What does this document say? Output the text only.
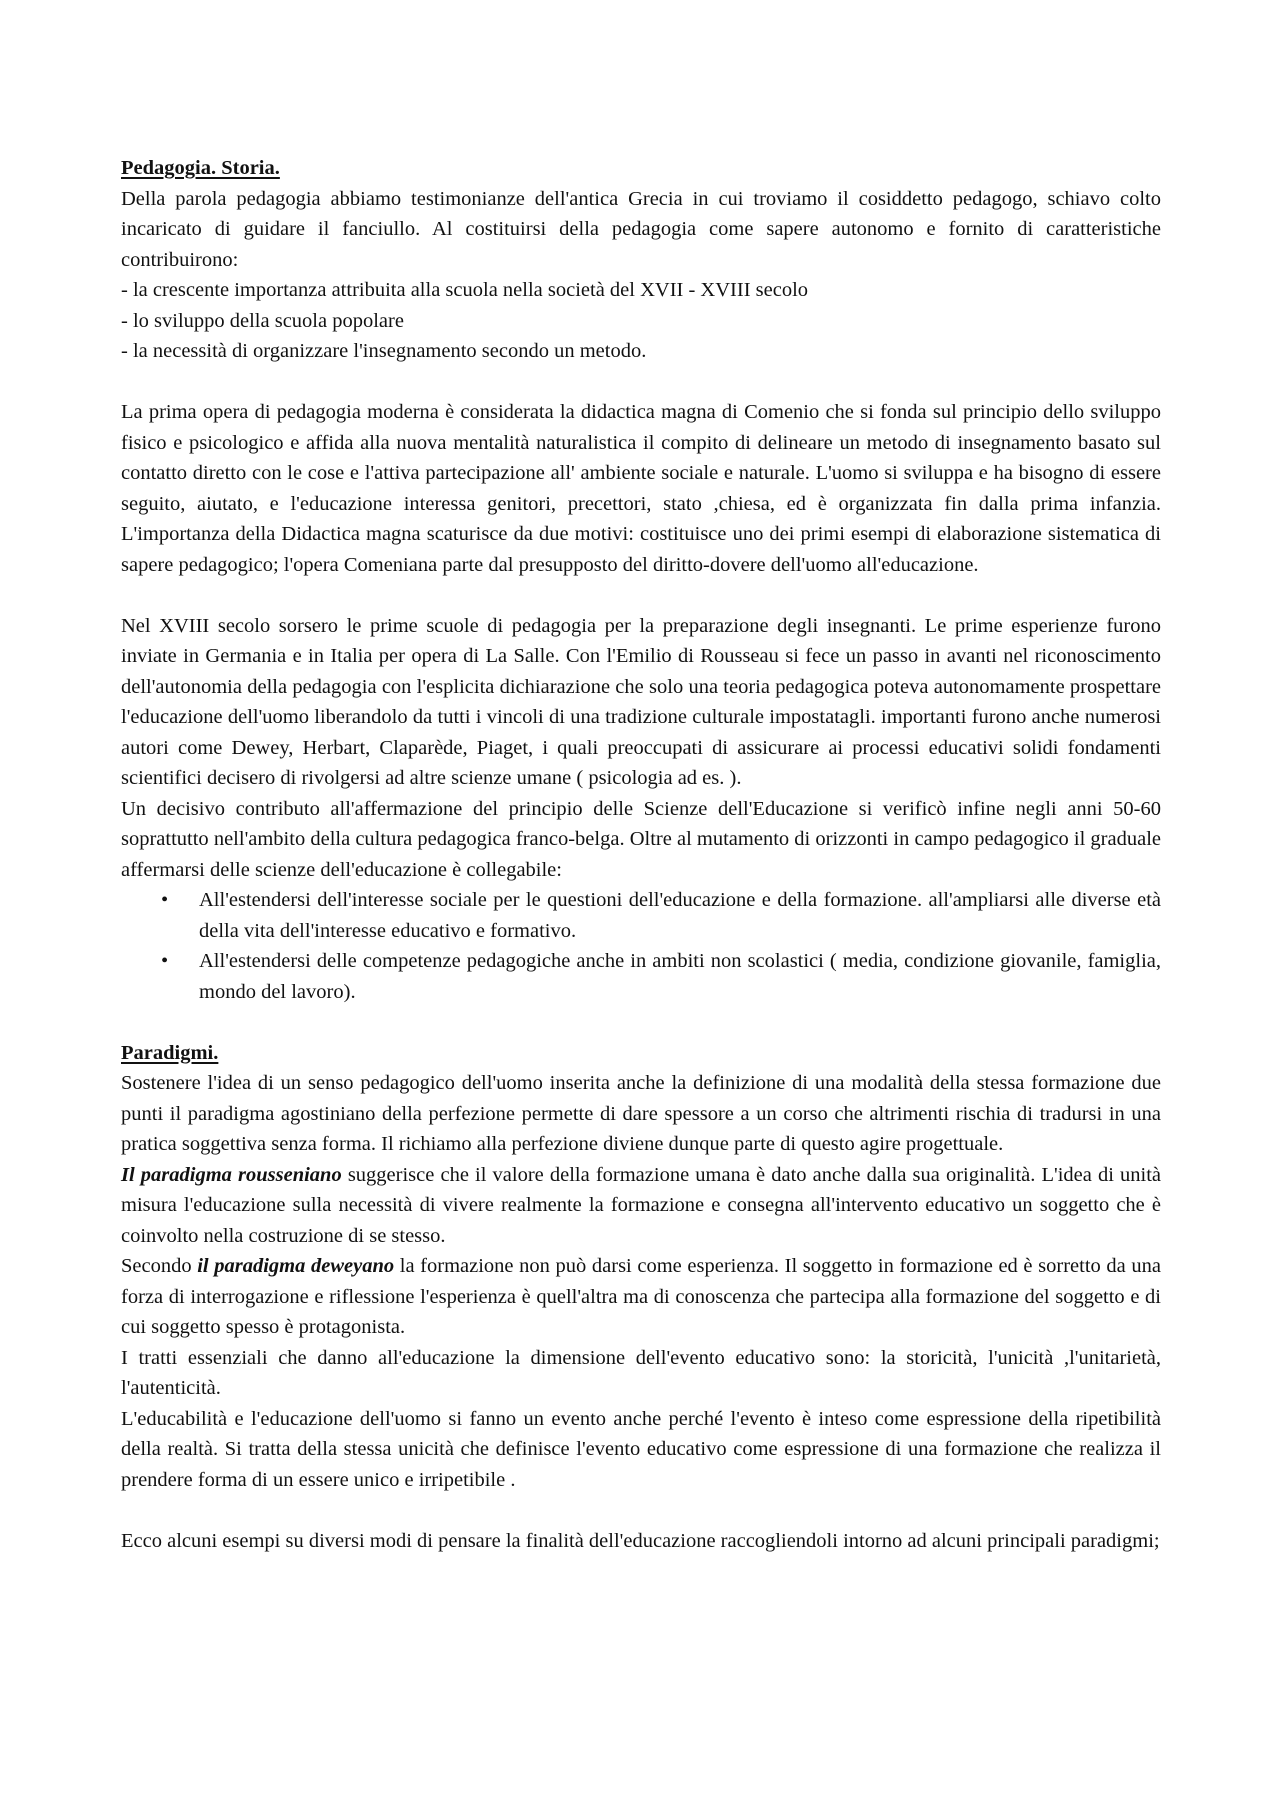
Pedagogia. Storia.

Della parola pedagogia abbiamo testimonianze dell'antica Grecia in cui troviamo il cosiddetto pedagogo, schiavo colto incaricato di guidare il fanciullo. Al costituirsi della pedagogia come sapere autonomo e fornito di caratteristiche contribuirono:

- la crescente importanza attribuita alla scuola nella società del XVII - XVIII secolo

- lo sviluppo della scuola popolare

- la necessità di organizzare l'insegnamento secondo un metodo.

La prima opera di pedagogia moderna è considerata la didactica magna di Comenio che si fonda sul principio dello sviluppo fisico e psicologico e affida alla nuova mentalità naturalistica il compito di delineare un metodo di insegnamento basato sul contatto diretto con le cose e l'attiva partecipazione all' ambiente sociale e naturale. L'uomo si sviluppa e ha bisogno di essere seguito, aiutato, e l'educazione interessa genitori, precettori, stato ,chiesa, ed è organizzata fin dalla prima infanzia. L'importanza della Didactica magna scaturisce da due motivi: costituisce uno dei primi esempi di elaborazione sistematica di sapere pedagogico; l'opera Comeniana parte dal presupposto del diritto-dovere dell'uomo all'educazione.

Nel XVIII secolo sorsero le prime scuole di pedagogia per la preparazione degli insegnanti. Le prime esperienze furono inviate in Germania e in Italia per opera di La Salle. Con l'Emilio di Rousseau si fece un passo in avanti nel riconoscimento dell'autonomia della pedagogia con l'esplicita dichiarazione che solo una teoria pedagogica poteva autonomamente prospettare l'educazione dell'uomo liberandolo da tutti i vincoli di una tradizione culturale impostatagli. importanti furono anche numerosi autori come Dewey, Herbart, Claparède, Piaget, i quali preoccupati di assicurare ai processi educativi solidi fondamenti scientifici decisero di rivolgersi ad altre scienze umane ( psicologia ad es. ).

Un decisivo contributo all'affermazione del principio delle Scienze dell'Educazione si verificò infine negli anni 50-60 soprattutto nell'ambito della cultura pedagogica franco-belga. Oltre al mutamento di orizzonti in campo pedagogico il graduale affermarsi delle scienze dell'educazione è collegabile:

• All'estendersi dell'interesse sociale per le questioni dell'educazione e della formazione. all'ampliarsi alle diverse età della vita dell'interesse educativo e formativo.
• All'estendersi delle competenze pedagogiche anche in ambiti non scolastici ( media, condizione giovanile, famiglia, mondo del lavoro).

Paradigmi.

Sostenere l'idea di un senso pedagogico dell'uomo inserita anche la definizione di una modalità della stessa formazione due punti il paradigma agostiniano della perfezione permette di dare spessore a un corso che altrimenti rischia di tradursi in una pratica soggettiva senza forma. Il richiamo alla perfezione diviene dunque parte di questo agire progettuale.

Il paradigma rousseniano suggerisce che il valore della formazione umana è dato anche dalla sua originalità. L'idea di unità misura l'educazione sulla necessità di vivere realmente la formazione e consegna all'intervento educativo un soggetto che è coinvolto nella costruzione di se stesso.

Secondo il paradigma deweyano la formazione non può darsi come esperienza. Il soggetto in formazione ed è sorretto da una forza di interrogazione e riflessione l'esperienza è quell'altra ma di conoscenza che partecipa alla formazione del soggetto e di cui soggetto spesso è protagonista.

I tratti essenziali che danno all'educazione la dimensione dell'evento educativo sono: la storicità, l'unicità ,l'unitarietà, l'autenticità.

L'educabilità e l'educazione dell'uomo si fanno un evento anche perché l'evento è inteso come espressione della ripetibilità della realtà. Si tratta della stessa unicità che definisce l'evento educativo come espressione di una formazione che realizza il prendere forma di un essere unico e irripetibile .

Ecco alcuni esempi su diversi modi di pensare la finalità dell'educazione raccogliendoli intorno ad alcuni principali paradigmi;
